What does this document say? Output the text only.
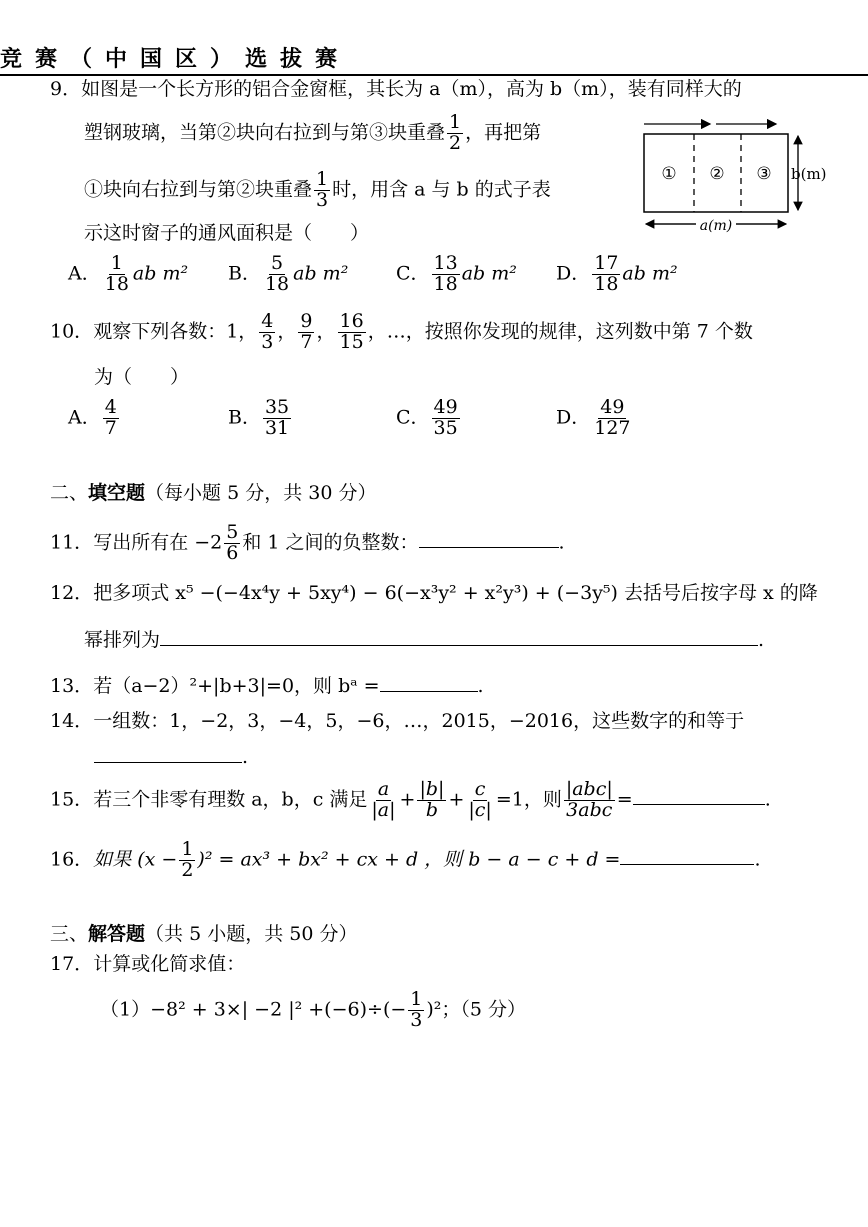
竞赛（中国区）选拔赛
9．如图是一个长方形的铝合金窗框，其长为 a（m），高为 b（m），装有同样大的
塑钢玻璃，当第②块向右拉到与第③块重叠 $\frac{1}{2}$ ，再把第
①块向右拉到与第②块重叠 $\frac{1}{3}$ 时，用含 a 与 b 的式子表
示这时窗子的通风面积是（　　）
① ② ③ b(m)
a(m)
A． $\frac{1}{18}$ ab m² B． $\frac{5}{18}$ ab m²	C． $\frac{13}{18}$ ab m² D． $\frac{17}{18}$ ab m²
10．观察下列各数：1， $\frac{4}{3}$ ， $\frac{9}{7}$ ， $\frac{16}{15}$ ，…，按照你发现的规律，这列数中第 7 个数
为（　　）
A． $\frac{4}{7}$	B． $\frac{35}{31}$	C． $\frac{49}{35}$	D． $\frac{49}{127}$
二、填空题（每小题 5 分，共 30 分）
11．写出所有在 $-2 \frac{5}{6}$ 和 1 之间的负整数：	.
12．把多项式 x⁵ −(−4x⁴y + 5xy⁴) − 6(−x³y² + x²y³) + (−3y⁵) 去括号后按字母 x 的降
幂排列为	.
13．若（a−2）²+|b+3|=0，则 bᵃ =	.
14．一组数：1，−2，3，−4，5，−6，…，2015，−2016，这些数字的和等于
.
15．若三个非零有理数 a，b，c 满足 $\frac{a}{|a|} + \frac{|b|}{b} + \frac{c}{|c|} =1$，则 $\frac{\text{|abc|}}{\text{3abc}}$ =	.
16．如果 $(x - \frac{1}{2} )^2 = ax^3 + bx^2$ + cx + d ，则 b − a − c + d =	.
三、解答题（共 5 小题，共 50 分）
17．计算或化简求值：
（1）−8² + 3×| −2 $|^2 +(-6)\div(- \frac{1}{3} )^2$；（5 分）
